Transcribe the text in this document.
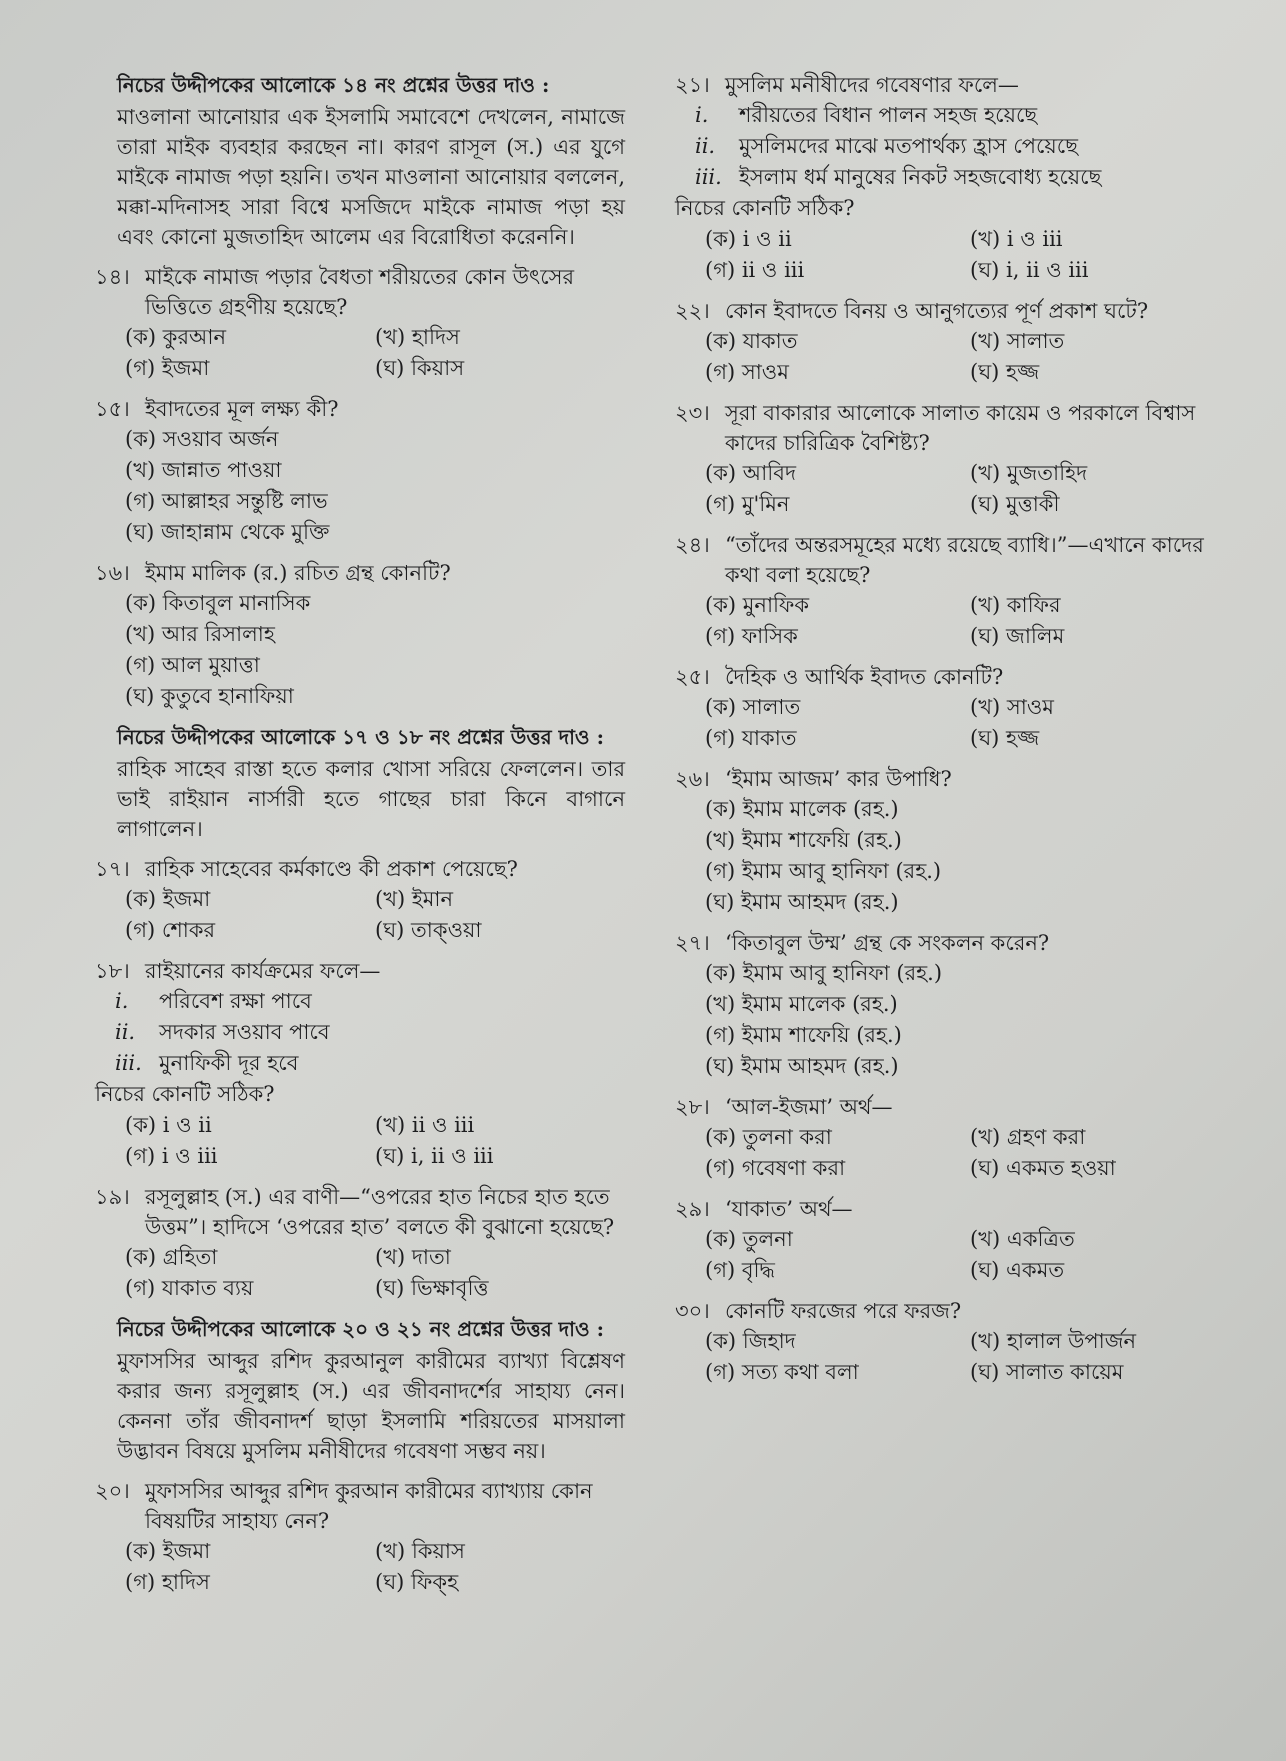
নিচের উদ্দীপকের আলোকে ১৪ নং প্রশ্নের উত্তর দাও :

মাওলানা আনোয়ার এক ইসলামি সমাবেশে দেখলেন, নামাজে তারা মাইক ব্যবহার করছেন না। কারণ রাসূল (স.) এর যুগে মাইকে নামাজ পড়া হয়নি। তখন মাওলানা আনোয়ার বললেন, মক্কা-মদিনাসহ সারা বিশ্বে মসজিদে মাইকে নামাজ পড়া হয় এবং কোনো মুজতাহিদ আলেম এর বিরোধিতা করেননি।

১৪। মাইকে নামাজ পড়ার বৈধতা শরীয়তের কোন উৎসের ভিত্তিতে গ্রহণীয় হয়েছে?
(ক) কুরআন	(খ) হাদিস
(গ) ইজমা	(ঘ) কিয়াস
১৫। ইবাদতের মূল লক্ষ্য কী?
(ক) সওয়াব অর্জন
(খ) জান্নাত পাওয়া
(গ) আল্লাহর সন্তুষ্টি লাভ
(ঘ) জাহান্নাম থেকে মুক্তি
১৬। ইমাম মালিক (র.) রচিত গ্রন্থ কোনটি?
(ক) কিতাবুল মানাসিক
(খ) আর রিসালাহ
(গ) আল মুয়াত্তা
(ঘ) কুতুবে হানাফিয়া

নিচের উদ্দীপকের আলোকে ১৭ ও ১৮ নং প্রশ্নের উত্তর দাও :

রাহিক সাহেব রাস্তা হতে কলার খোসা সরিয়ে ফেললেন। তার ভাই রাইয়ান নার্সারী হতে গাছের চারা কিনে বাগানে লাগালেন।

১৭। রাহিক সাহেবের কর্মকাণ্ডে কী প্রকাশ পেয়েছে?
(ক) ইজমা	(খ) ইমান
(গ) শোকর	(ঘ) তাক্ওয়া
১৮। রাইয়ানের কার্যক্রমের ফলে—
i. পরিবেশ রক্ষা পাবে
ii. সদকার সওয়াব পাবে
iii. মুনাফিকী দূর হবে
নিচের কোনটি সঠিক?
(ক) i ও ii	(খ) ii ও iii
(গ) i ও iii	(ঘ) i, ii ও iii
১৯। রসূলুল্লাহ (স.) এর বাণী—“ওপরের হাত নিচের হাত হতে উত্তম”। হাদিসে ‘ওপরের হাত’ বলতে কী বুঝানো হয়েছে?
(ক) গ্রহিতা	(খ) দাতা
(গ) যাকাত ব্যয়	(ঘ) ভিক্ষাবৃত্তি

নিচের উদ্দীপকের আলোকে ২০ ও ২১ নং প্রশ্নের উত্তর দাও :

মুফাসসির আব্দুর রশিদ কুরআনুল কারীমের ব্যাখ্যা বিশ্লেষণ করার জন্য রসূলুল্লাহ (স.) এর জীবনাদর্শের সাহায্য নেন। কেননা তাঁর জীবনাদর্শ ছাড়া ইসলামি শরিয়তের মাসয়ালা উদ্ভাবন বিষয়ে মুসলিম মনীষীদের গবেষণা সম্ভব নয়।

২০। মুফাসসির আব্দুর রশিদ কুরআন কারীমের ব্যাখ্যায় কোন বিষয়টির সাহায্য নেন?
(ক) ইজমা	(খ) কিয়াস
(গ) হাদিস	(ঘ) ফিক্হ
২১। মুসলিম মনীষীদের গবেষণার ফলে—
i. শরীয়তের বিধান পালন সহজ হয়েছে
ii. মুসলিমদের মাঝে মতপার্থক্য হ্রাস পেয়েছে
iii. ইসলাম ধর্ম মানুষের নিকট সহজবোধ্য হয়েছে
নিচের কোনটি সঠিক?
(ক) i ও ii	(খ) i ও iii
(গ) ii ও iii	(ঘ) i, ii ও iii
২২। কোন ইবাদতে বিনয় ও আনুগত্যের পূর্ণ প্রকাশ ঘটে?
(ক) যাকাত	(খ) সালাত
(গ) সাওম	(ঘ) হজ্জ
২৩। সূরা বাকারার আলোকে সালাত কায়েম ও পরকালে বিশ্বাস কাদের চারিত্রিক বৈশিষ্ট্য?
(ক) আবিদ	(খ) মুজতাহিদ
(গ) মু'মিন	(ঘ) মুত্তাকী
২৪। “তাঁদের অন্তরসমূহের মধ্যে রয়েছে ব্যাধি।”—এখানে কাদের কথা বলা হয়েছে?
(ক) মুনাফিক	(খ) কাফির
(গ) ফাসিক	(ঘ) জালিম
২৫। দৈহিক ও আর্থিক ইবাদত কোনটি?
(ক) সালাত	(খ) সাওম
(গ) যাকাত	(ঘ) হজ্জ
২৬। ‘ইমাম আজম’ কার উপাধি?
(ক) ইমাম মালেক (রহ.)
(খ) ইমাম শাফেয়ি (রহ.)
(গ) ইমাম আবু হানিফা (রহ.)
(ঘ) ইমাম আহমদ (রহ.)
২৭। ‘কিতাবুল উম্ম’ গ্রন্থ কে সংকলন করেন?
(ক) ইমাম আবু হানিফা (রহ.)
(খ) ইমাম মালেক (রহ.)
(গ) ইমাম শাফেয়ি (রহ.)
(ঘ) ইমাম আহমদ (রহ.)
২৮। ‘আল-ইজমা’ অর্থ—
(ক) তুলনা করা	(খ) গ্রহণ করা
(গ) গবেষণা করা	(ঘ) একমত হওয়া
২৯। ‘যাকাত’ অর্থ—
(ক) তুলনা	(খ) একত্রিত
(গ) বৃদ্ধি	(ঘ) একমত
৩০। কোনটি ফরজের পরে ফরজ?
(ক) জিহাদ	(খ) হালাল উপার্জন
(গ) সত্য কথা বলা	(ঘ) সালাত কায়েম
